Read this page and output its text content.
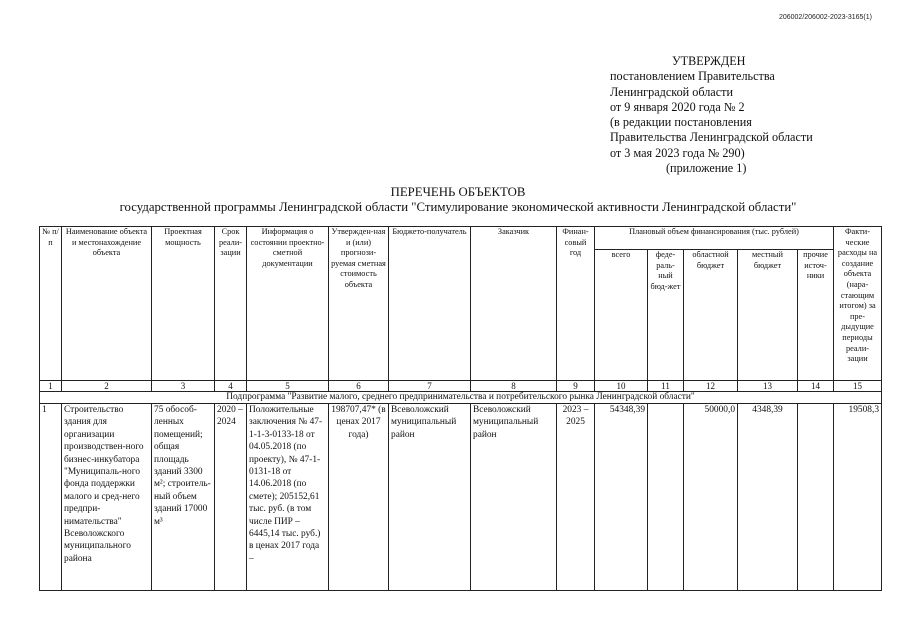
206002/206002-2023-3165(1)
УТВЕРЖДЕН
постановлением Правительства
Ленинградской области
от 9 января 2020 года № 2
(в редакции постановления
Правительства Ленинградской области
от 3 мая 2023 года № 290)
(приложение 1)
ПЕРЕЧЕНЬ ОБЪЕКТОВ
государственной программы Ленинградской области "Стимулирование экономической активности Ленинградской области"
№ п/п	Наименование объекта и местонахождение объекта	Проектная мощность	Срок реали-зации	Информация о состоянии проектно-сметной документации	Утвержден-ная и (или) прогнози-руемая сметная стоимость объекта	Бюджето-получатель	Заказчик	Финан-совый год	Плановый объем финансирования (тыс. рублей)					Факти-ческие расходы на создание объекта (нара-стающим итогом) за пре-дыдущие периоды реали-зации
									всего	феде-раль-ный бюд-жет	областной бюджет	местный бюджет	прочие источ-ники	
1	2	3	4	5	6	7	8	9	10	11	12	13	14	15
Подпрограмма "Развитие малого, среднего предпринимательства и потребительского рынка Ленинградской области"														
1	Строительство здания для организации производствен-ного бизнес-инкубатора "Муниципаль-ного фонда поддержки малого и сред-него предпри-нимательства" Всеволожского муниципального района	75 обособ-ленных помещений; общая площадь зданий 3300 м²; строитель-ный объем зданий 17000 м³	2020 – 2024	Положительные заключения № 47-1-1-3-0133-18 от 04.05.2018 (по проекту), № 47-1-0131-18 от 14.06.2018 (по смете); 205152,61 тыс. руб. (в том числе ПИР – 6445,14 тыс. руб.) в ценах 2017 года –	198707,47* (в ценах 2017 года)	Всеволожский муниципальный район	Всеволожский муниципальный район	2023 – 2025	54348,39		50000,0	4348,39		19508,3
